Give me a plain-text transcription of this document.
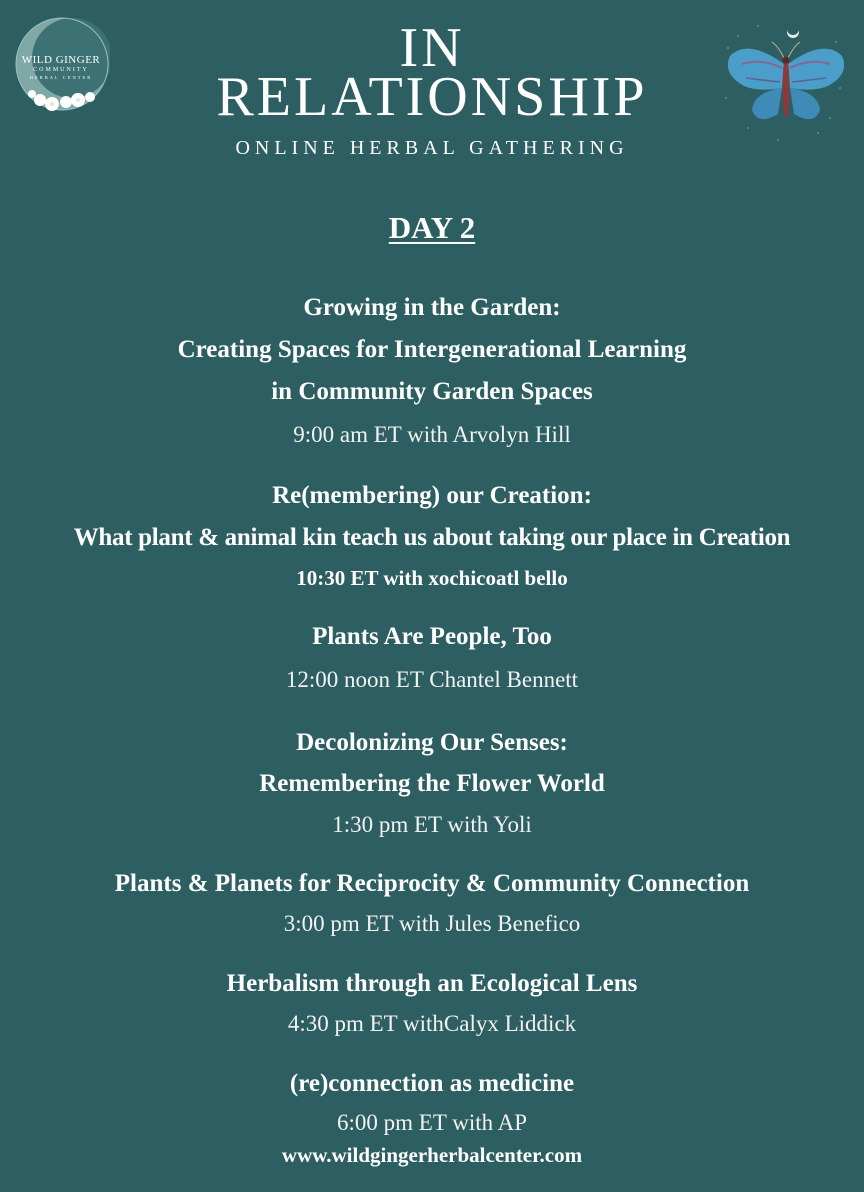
WILD GINGER
COMMUNITY
HERBAL CENTER	IN
RELATIONSHIP
ONLINE HERBAL GATHERING
DAY 2
Growing in the Garden:
Creating Spaces for Intergenerational Learning
in Community Garden Spaces
9:00 am ET with Arvolyn Hill
Re(membering) our Creation:
What plant & animal kin teach us about taking our place in Creation
10:30 ET with xochicoatl bello
Plants Are People, Too
12:00 noon ET Chantel Bennett
Decolonizing Our Senses:
Remembering the Flower World
1:30 pm ET with Yoli
Plants & Planets for Reciprocity & Community Connection
3:00 pm ET with Jules Benefico
Herbalism through an Ecological Lens
4:30 pm ET withCalyx Liddick
(re)connection as medicine
6:00 pm ET with AP
www.wildgingerherbalcenter.com
